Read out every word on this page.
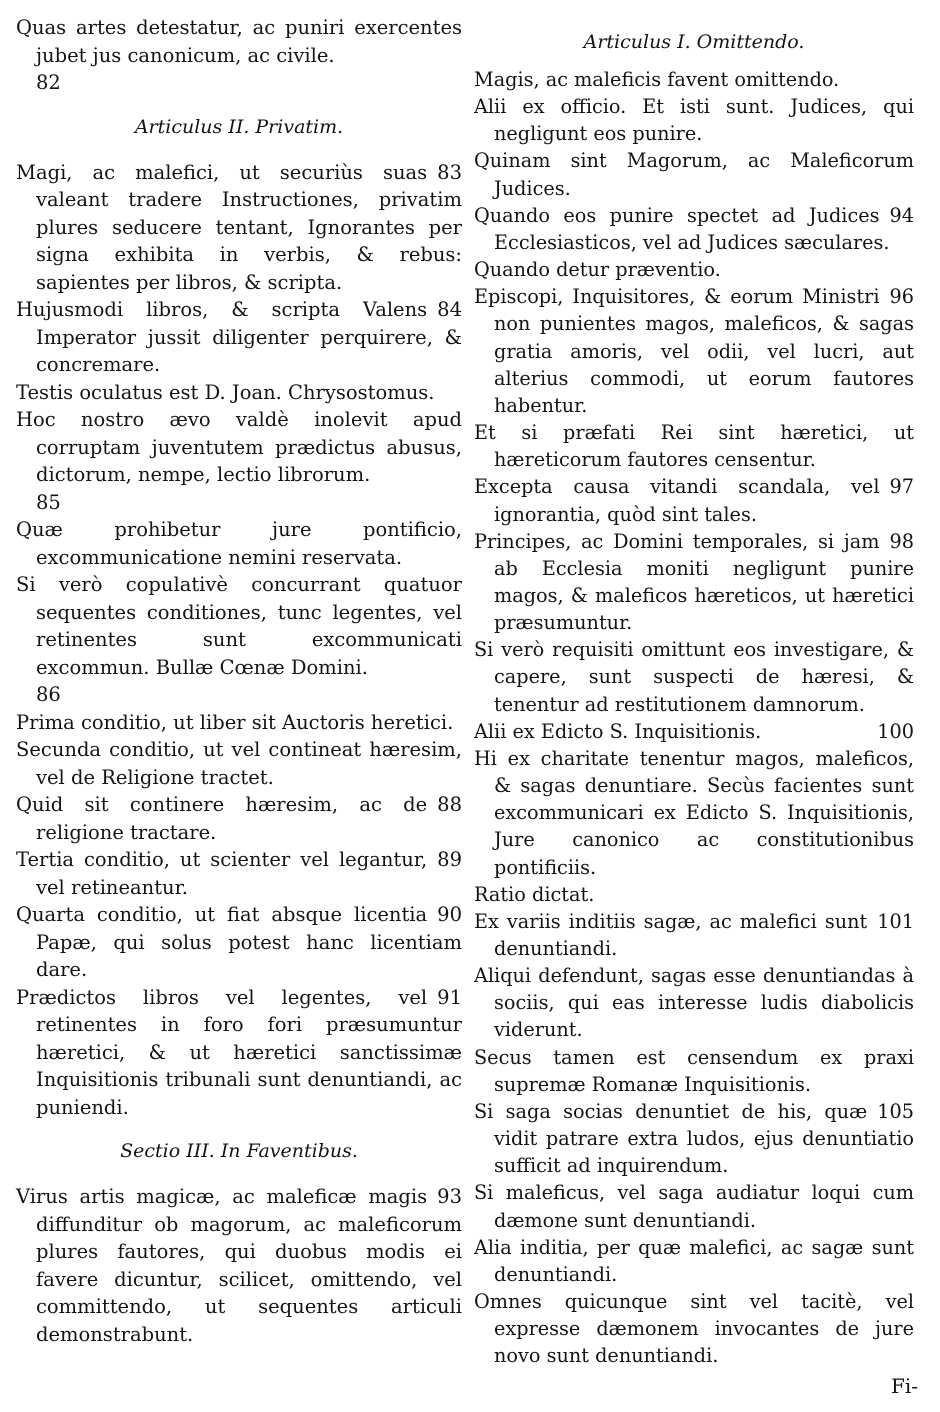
Quas artes detestatur, ac puniri exercentes jubet jus canonicum, ac civile.
82

Articulus II. Privatim.

83
Magi, ac malefici, ut securiùs suas valeant tradere Instructiones, privatim plures seducere tentant, Ignorantes per signa exhibita in verbis, & rebus: sapientes per libros, & scripta.

84
Hujusmodi libros, & scripta Valens Imperator jussit diligenter perquirere, & concremare.

Testis oculatus est D. Joan. Chrysostomus.

Hoc nostro ævo valdè inolevit apud corruptam juventutem prædictus abusus, dictorum, nempe, lectio librorum.
85

Quæ prohibetur jure pontificio, excommunicatione nemini reservata.

Si verò copulativè concurrant quatuor sequentes conditiones, tunc legentes, vel retinentes sunt excommunicati excommun. Bullæ Cœnæ Domini.
86

Prima conditio, ut liber sit Auctoris heretici.

Secunda conditio, ut vel contineat hæresim, vel de Religione tractet.

88
Quid sit continere hæresim, ac de religione tractare.

89
Tertia conditio, ut scienter vel legantur, vel retineantur.

90
Quarta conditio, ut fiat absque licentia Papæ, qui solus potest hanc licentiam dare.

91
Prædictos libros vel legentes, vel retinentes in foro fori præsumuntur hæretici, & ut hæretici sanctissimæ Inquisitionis tribunali sunt denuntiandi, ac puniendi.

Sectio III. In Faventibus.

93
Virus artis magicæ, ac maleficæ magis diffunditur ob magorum, ac maleficorum plures fautores, qui duobus modis ei favere dicuntur, scilicet, omittendo, vel committendo, ut sequentes articuli demonstrabunt.

Articulus I. Omittendo.

Magis, ac maleficis favent omittendo.

Alii ex officio. Et isti sunt. Judices, qui negligunt eos punire.

Quinam sint Magorum, ac Maleficorum Judices.

94
Quando eos punire spectet ad Judices Ecclesiasticos, vel ad Judices sæculares.

Quando detur præventio.

96
Episcopi, Inquisitores, & eorum Ministri non punientes magos, maleficos, & sagas gratia amoris, vel odii, vel lucri, aut alterius commodi, ut eorum fautores habentur.

Et si præfati Rei sint hæretici, ut hæreticorum fautores censentur.

97
Excepta causa vitandi scandala, vel ignorantia, quòd sint tales.

98
Principes, ac Domini temporales, si jam ab Ecclesia moniti negligunt punire magos, & maleficos hæreticos, ut hæretici præsumuntur.

Si verò requisiti omittunt eos investigare, & capere, sunt suspecti de hæresi, & tenentur ad restitutionem damnorum.

100
Alii ex Edicto S. Inquisitionis.

Hi ex charitate tenentur magos, maleficos, & sagas denuntiare. Secùs facientes sunt excommunicari ex Edicto S. Inquisitionis, Jure canonico ac constitutionibus pontificiis.

Ratio dictat.

101
Ex variis inditiis sagæ, ac malefici sunt denuntiandi.

Aliqui defendunt, sagas esse denuntiandas à sociis, qui eas interesse ludis diabolicis viderunt.

Secus tamen est censendum ex praxi supremæ Romanæ Inquisitionis.

105
Si saga socias denuntiet de his, quæ vidit patrare extra ludos, ejus denuntiatio sufficit ad inquirendum.

Si maleficus, vel saga audiatur loqui cum dæmone sunt denuntiandi.

Alia inditia, per quæ malefici, ac sagæ sunt denuntiandi.

Omnes quicunque sint vel tacitè, vel expresse dæmonem invocantes de jure novo sunt denuntiandi.

Fi-
